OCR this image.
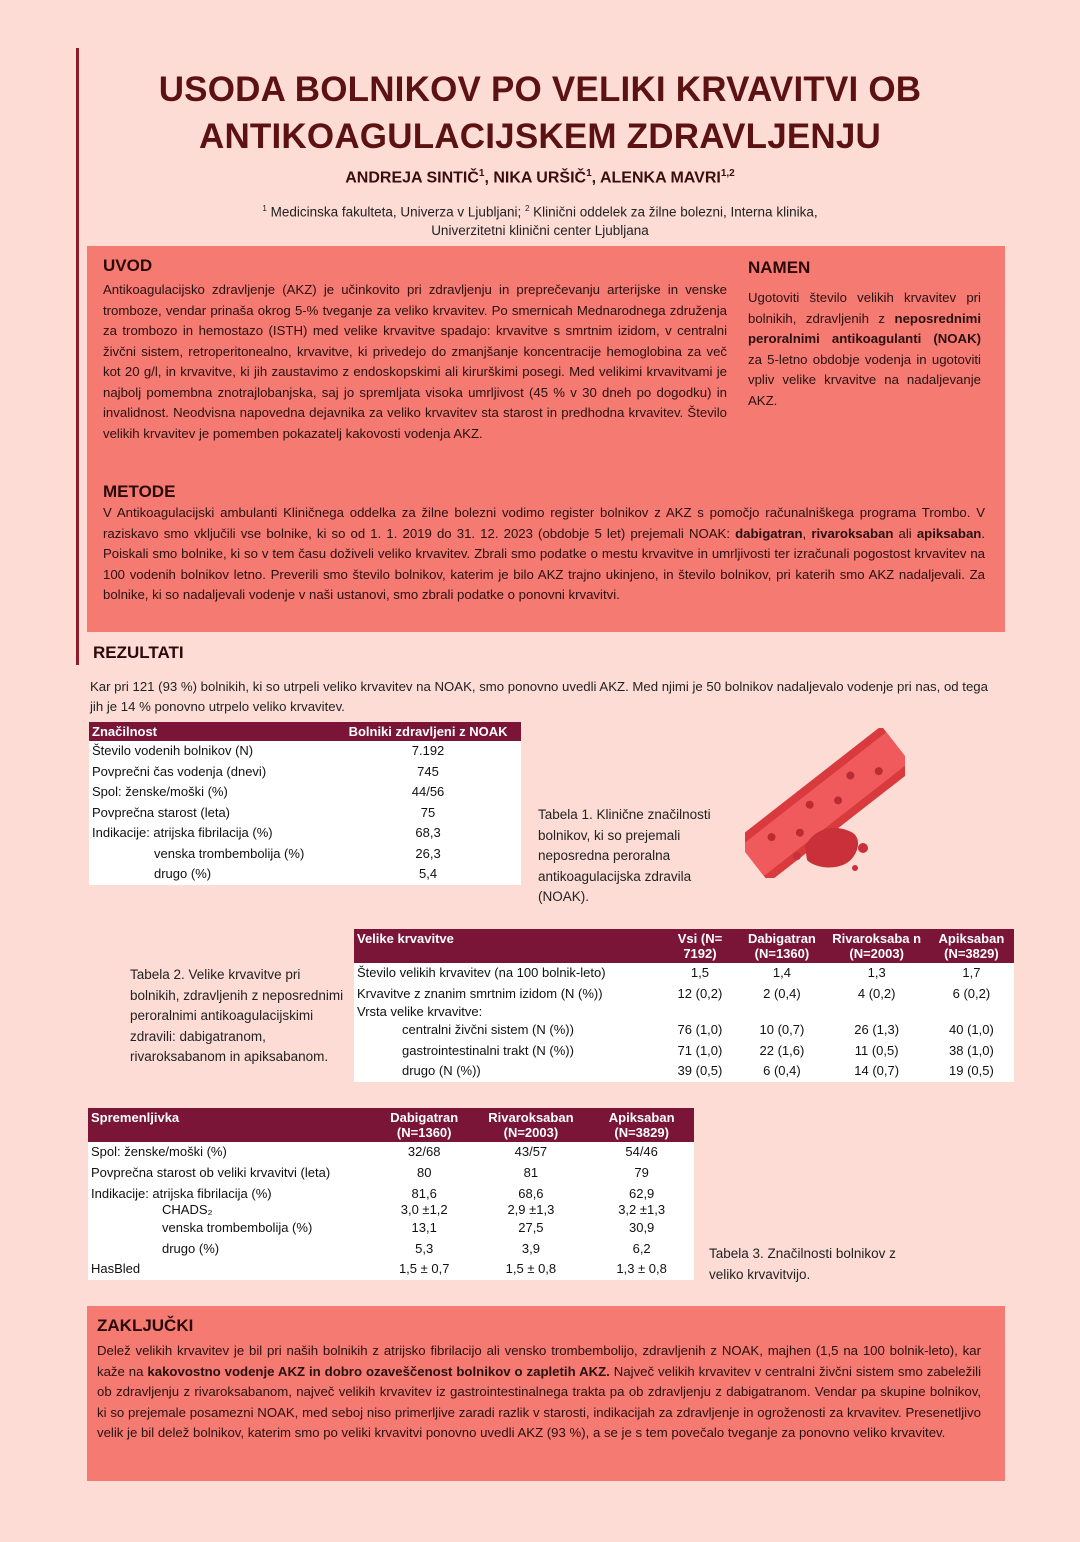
USODA BOLNIKOV PO VELIKI KRVAVITVI OB
ANTIKOAGULACIJSKEM ZDRAVLJENJU
ANDREJA SINTIČ$^1$, NIKA URŠIČ$^1$, ALENKA MAVRI$^{1,2}$
$^1$ Medicinska fakulteta, Univerza v Ljubljani; $^2$ Klinični oddelek za žilne bolezni, Interna klinika,
Univerzitetni klinični center Ljubljana
UVOD

Antikoagulacijsko zdravljenje (AKZ) je učinkovito pri zdravljenju in preprečevanju arterijske in venske tromboze, vendar prinaša okrog 5-% tveganje za veliko krvavitev. Po smernicah Mednarodnega združenja za trombozo in hemostazo (ISTH) med velike krvavitve spadajo: krvavitve s smrtnim izidom, v centralni živčni sistem, retroperitonealno, krvavitve, ki privedejo do zmanjšanje koncentracije hemoglobina za več kot 20 g/l, in krvavitve, ki jih zaustavimo z endoskopskimi ali kirurškimi posegi. Med velikimi krvavitvami je najbolj pomembna znotrajlobanjska, saj jo spremljata visoka umrljivost (45 % v 30 dneh po dogodku) in invalidnost. Neodvisna napovedna dejavnika za veliko krvavitev sta starost in predhodna krvavitev. Število velikih krvavitev je pomemben pokazatelj kakovosti vodenja AKZ.

NAMEN

Ugotoviti število velikih krvavitev pri bolnikih, zdravljenih z neposrednimi peroralnimi antikoagulanti (NOAK) za 5-letno obdobje vodenja in ugotoviti vpliv velike krvavitve na nadaljevanje AKZ.

METODE

V Antikoagulacijski ambulanti Kliničnega oddelka za žilne bolezni vodimo register bolnikov z AKZ s pomočjo računalniškega programa Trombo. V raziskavo smo vključili vse bolnike, ki so od 1. 1. 2019 do 31. 12. 2023 (obdobje 5 let) prejemali NOAK: dabigatran, rivaroksaban ali apiksaban. Poiskali smo bolnike, ki so v tem času doživeli veliko krvavitev. Zbrali smo podatke o mestu krvavitve in umrljivosti ter izračunali pogostost krvavitev na 100 vodenih bolnikov letno. Preverili smo število bolnikov, katerim je bilo AKZ trajno ukinjeno, in število bolnikov, pri katerih smo AKZ nadaljevali. Za bolnike, ki so nadaljevali vodenje v naši ustanovi, smo zbrali podatke o ponovni krvavitvi.

REZULTATI

Kar pri 121 (93 %) bolnikih, ki so utrpeli veliko krvavitev na NOAK, smo ponovno uvedli AKZ. Med njimi je 50 bolnikov nadaljevalo vodenje pri nas, od tega jih je 14 % ponovno utrpelo veliko krvavitev.

Značilnost	Bolniki zdravljeni z NOAK
Število vodenih bolnikov (N)	7.192
Povprečni čas vodenja (dnevi)	745
Spol: ženske/moški (%)	44/56
Povprečna starost (leta)	75
Indikacije: atrijska fibrilacija (%)	68,3
venska trombembolija (%)	26,3
drugo (%)	5,4

Tabela 1. Klinične značilnosti bolnikov, ki so prejemali neposredna peroralna antikoagulacijska zdravila (NOAK).

Tabela 2. Velike krvavitve pri bolnikih, zdravljenih z neposrednimi peroralnimi antikoagulacijskimi zdravili: dabigatranom, rivaroksabanom in apiksabanom.

Velike krvavitve	Vsi (N= 7192)	Dabigatran (N=1360)	Rivaroksaba n (N=2003)	Apiksaban (N=3829)
Število velikih krvavitev (na 100 bolnik-leto)	1,5	1,4	1,3	1,7
Krvavitve z znanim smrtnim izidom (N (%))	12 (0,2)	2 (0,4)	4 (0,2)	6 (0,2)
Vrsta velike krvavitve:				
centralni živčni sistem (N (%))	76 (1,0)	10 (0,7)	26 (1,3)	40 (1,0)
gastrointestinalni trakt (N (%))	71 (1,0)	22 (1,6)	11 (0,5)	38 (1,0)
drugo (N (%))	39 (0,5)	6 (0,4)	14 (0,7)	19 (0,5)
Spremenljivka	Dabigatran (N=1360)	Rivaroksaban (N=2003)	Apiksaban (N=3829)
Spol: ženske/moški (%)	32/68	43/57	54/46
Povprečna starost ob veliki krvavitvi (leta)	80	81	79
Indikacije: atrijska fibrilacija (%)	81,6	68,6	62,9
CHADS₂	3,0 ±1,2	2,9 ±1,3	3,2 ±1,3
venska trombembolija (%)	13,1	27,5	30,9
drugo (%)	5,3	3,9	6,2
HasBled	1,5 ± 0,7	1,5 ± 0,8	1,3 ± 0,8

Tabela 3. Značilnosti bolnikov z veliko krvavitvijo.

ZAKLJUČKI

Delež velikih krvavitev je bil pri naših bolnikih z atrijsko fibrilacijo ali vensko trombembolijo, zdravljenih z NOAK, majhen (1,5 na 100 bolnik-leto), kar kaže na kakovostno vodenje AKZ in dobro ozaveščenost bolnikov o zapletih AKZ. Največ velikih krvavitev v centralni živčni sistem smo zabeležili ob zdravljenju z rivaroksabanom, največ velikih krvavitev iz gastrointestinalnega trakta pa ob zdravljenju z dabigatranom. Vendar pa skupine bolnikov, ki so prejemale posamezni NOAK, med seboj niso primerljive zaradi razlik v starosti, indikacijah za zdravljenje in ogroženosti za krvavitev. Presenetljivo velik je bil delež bolnikov, katerim smo po veliki krvavitvi ponovno uvedli AKZ (93 %), a se je s tem povečalo tveganje za ponovno veliko krvavitev.
